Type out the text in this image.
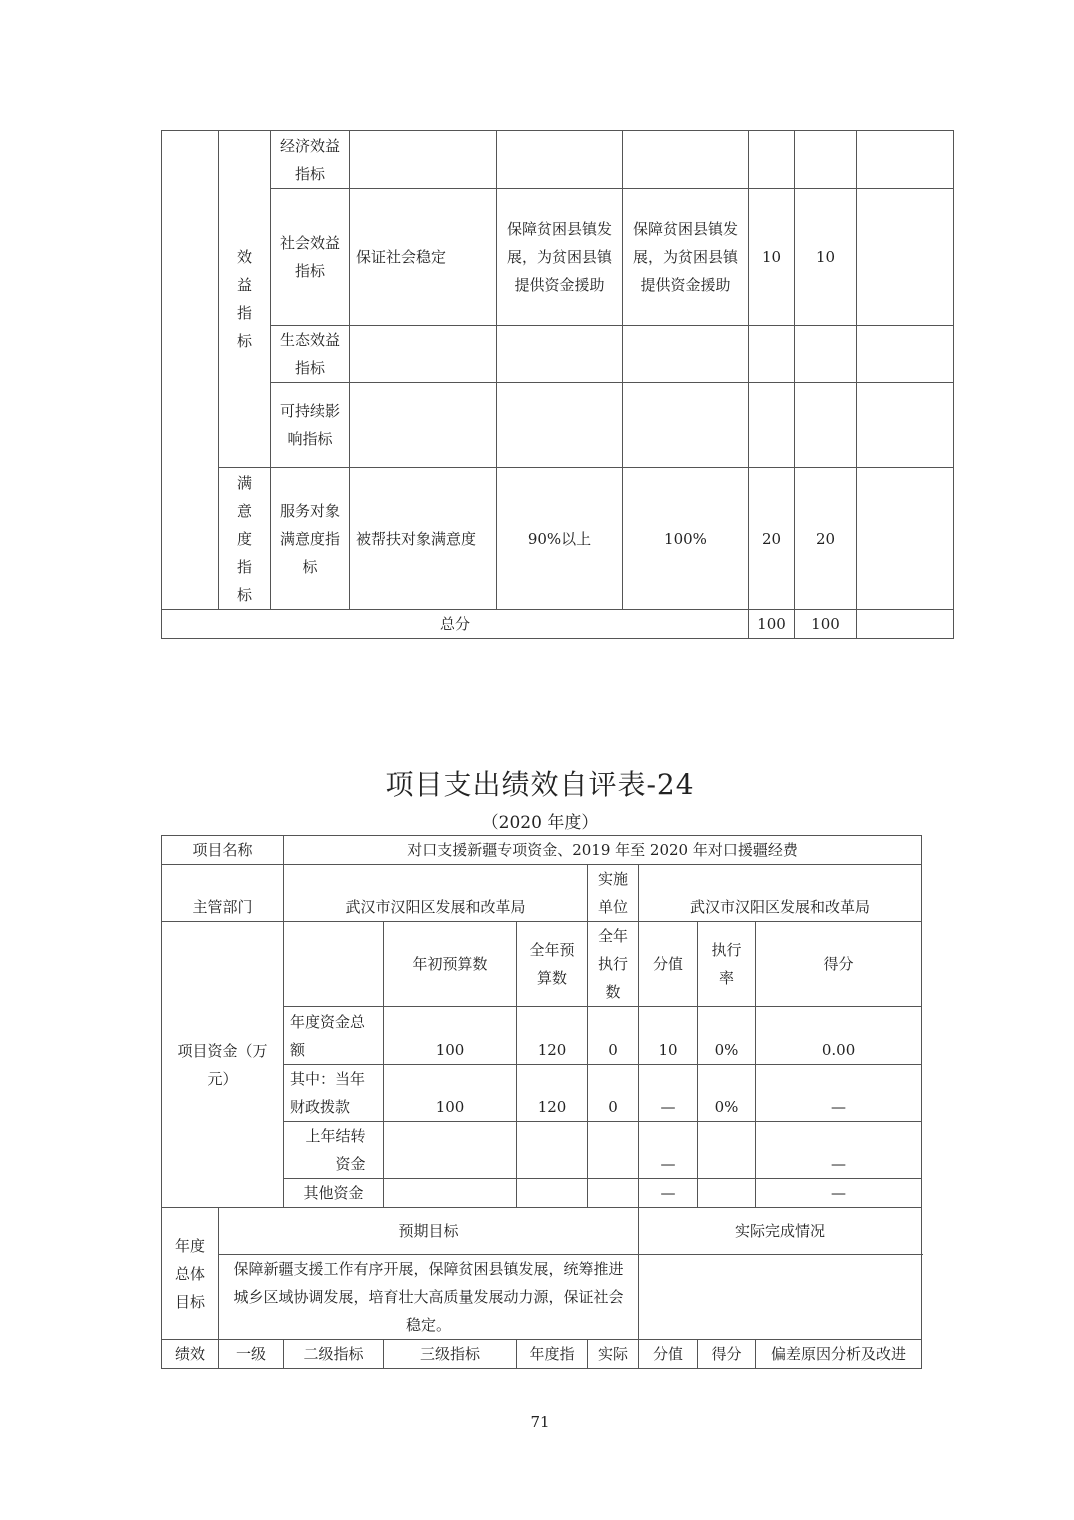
	效益指标	经济效益指标						
		社会效益指标	保证社会稳定	保障贫困县镇发展，为贫困县镇提供资金援助	保障贫困县镇发展，为贫困县镇提供资金援助	10	10	
		生态效益指标						
		可持续影响指标						
	满意度指标	服务对象满意度指标	被帮扶对象满意度	90%以上	100%	20	20	
总分						100	100	
项目支出绩效自评表-24
（2020 年度）
项目名称		对口支援新疆专项资金、2019 年至 2020 年对口援疆经费						
主管部门		武汉市汉阳区发展和改革局			实施单位	武汉市汉阳区发展和改革局		
项目资金（万元）			年初预算数	全年预算数	全年执行数	分值	执行率	得分
		年度资金总额	100	120	0	10	0%	0.00
		其中：当年财政拨款	100	120	0	—	0%	—
		上年结转资金				—		—
		其他资金				—		—
年度总体目标	预期目标					实际完成情况		
	保障新疆支援工作有序开展，保障贫困县镇发展，统筹推进城乡区域协调发展，培育壮大高质量发展动力源，保证社会稳定。							
绩效	一级	二级指标	三级指标	年度指	实际	分值	得分	偏差原因分析及改进
71
